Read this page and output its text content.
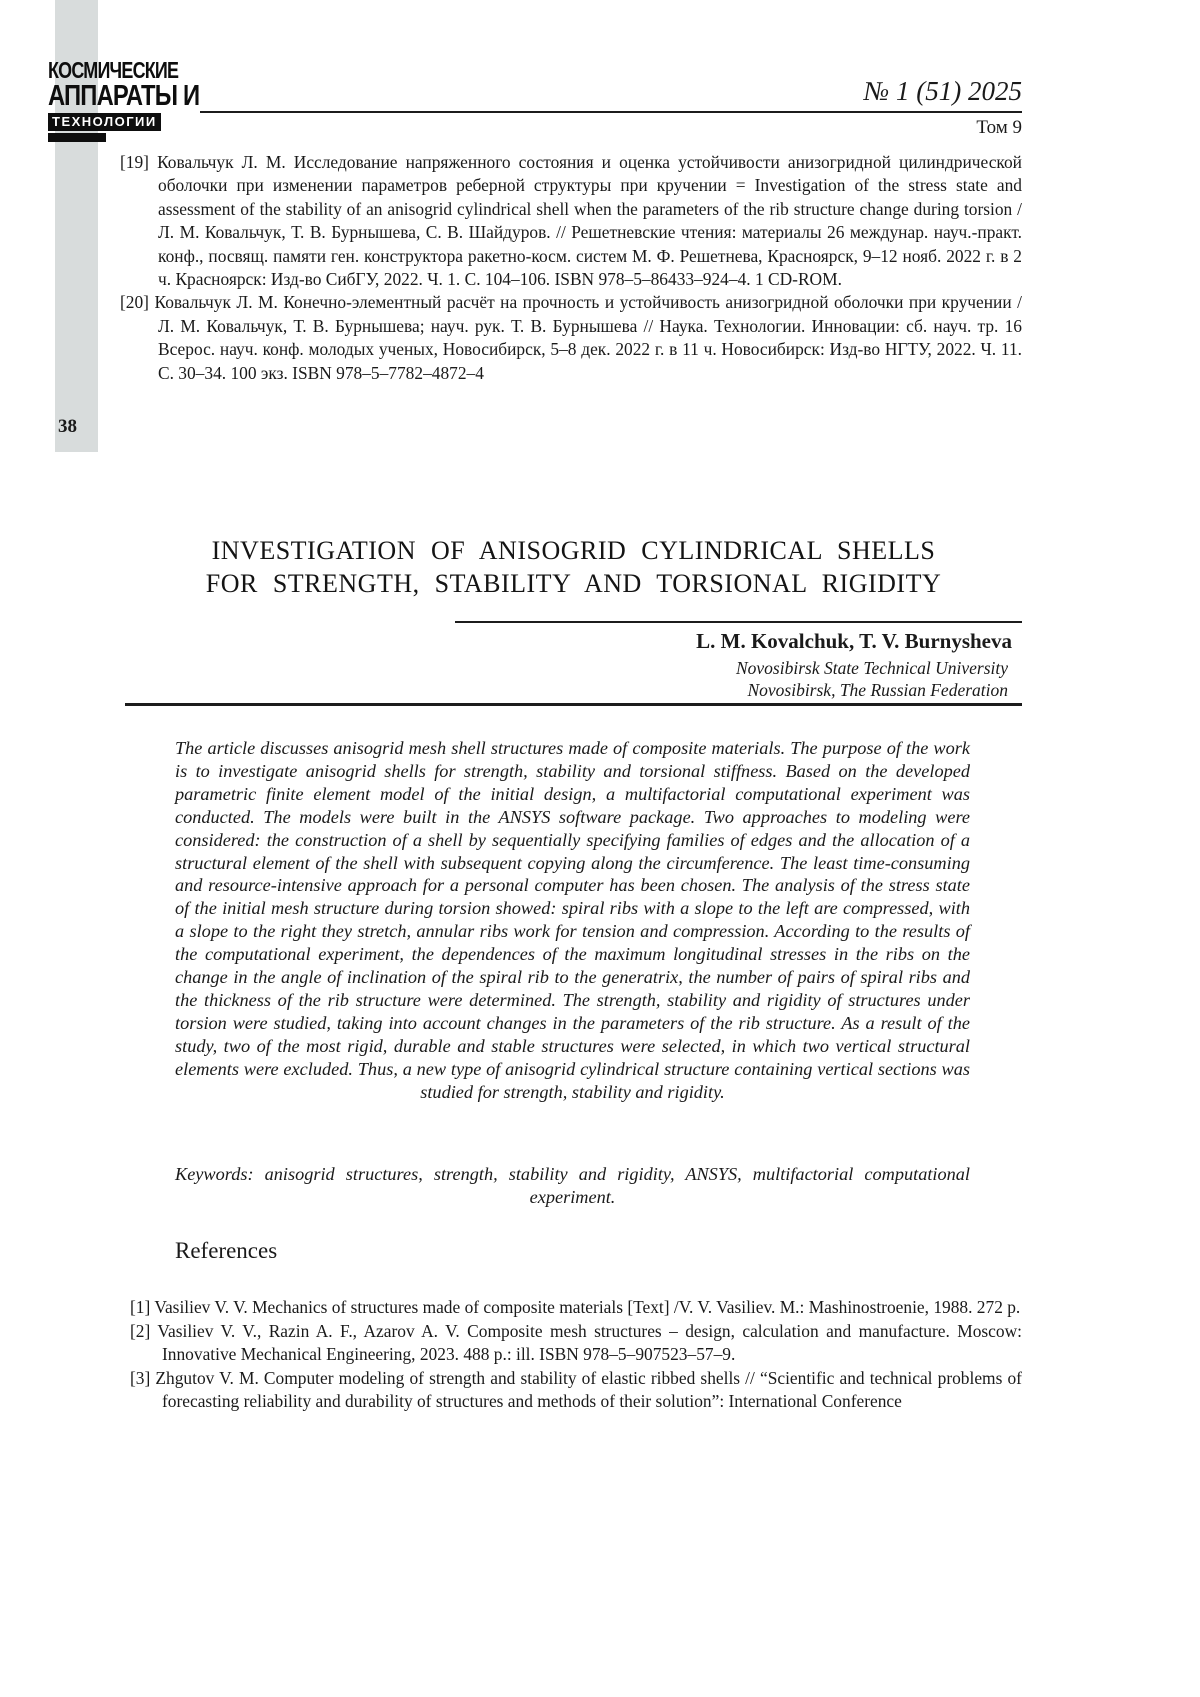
КОСМИЧЕСКИЕ
АППАРАТЫ И
ТЕХНОЛОГИИ
№ 1 (51) 2025
Том 9

[19] Ковальчук Л. М. Исследование напряженного состояния и оценка устойчивости анизогридной цилиндрической оболочки при изменении параметров реберной структуры при кручении = Investigation of the stress state and assessment of the stability of an anisogrid cylindrical shell when the parameters of the rib structure change during torsion / Л. М. Ковальчук, Т. В. Бурнышева, С. В. Шайдуров. // Решетневские чтения: материалы 26 междунар. науч.-практ. конф., посвящ. памяти ген. конструктора ракетно-косм. систем М. Ф. Решетнева, Красноярск, 9–12 нояб. 2022 г. в 2 ч. Красноярск: Изд-во СибГУ, 2022. Ч. 1. С. 104–106. ISBN 978–5–86433–924–4. 1 CD-ROM.

[20] Ковальчук Л. М. Конечно-элементный расчёт на прочность и устойчивость анизогридной оболочки при кручении / Л. М. Ковальчук, Т. В. Бурнышева; науч. рук. Т. В. Бурнышева // Наука. Технологии. Инновации: сб. науч. тр. 16 Всерос. науч. конф. молодых ученых, Новосибирск, 5–8 дек. 2022 г. в 11 ч. Новосибирск: Изд-во НГТУ, 2022. Ч. 11. С. 30–34. 100 экз. ISBN 978–5–7782–4872–4

38
INVESTIGATION OF ANISOGRID CYLINDRICAL SHELLS
FOR STRENGTH, STABILITY AND TORSIONAL RIGIDITY
L. M. Kovalchuk, T. V. Burnysheva
Novosibirsk State Technical University
Novosibirsk, The Russian Federation
The article discusses anisogrid mesh shell structures made of composite materials. The purpose of the work is to investigate anisogrid shells for strength, stability and torsional stiffness. Based on the developed parametric finite element model of the initial design, a multifactorial computational experiment was conducted. The models were built in the ANSYS software package. Two approaches to modeling were considered: the construction of a shell by sequentially specifying families of edges and the allocation of a structural element of the shell with subsequent copying along the circumference. The least time-consuming and resource-intensive approach for a personal computer has been chosen. The analysis of the stress state of the initial mesh structure during torsion showed: spiral ribs with a slope to the left are compressed, with a slope to the right they stretch, annular ribs work for tension and compression. According to the results of the computational experiment, the dependences of the maximum longitudinal stresses in the ribs on the change in the angle of inclination of the spiral rib to the generatrix, the number of pairs of spiral ribs and the thickness of the rib structure were determined. The strength, stability and rigidity of structures under torsion were studied, taking into account changes in the parameters of the rib structure. As a result of the study, two of the most rigid, durable and stable structures were selected, in which two vertical structural elements were excluded. Thus, a new type of anisogrid cylindrical structure containing vertical sections was studied for strength, stability and rigidity.
Keywords: anisogrid structures, strength, stability and rigidity, ANSYS, multifactorial computational experiment.
References

[1] Vasiliev V. V. Mechanics of structures made of composite materials [Text] /V. V. Vasiliev. M.: Mashinostroenie, 1988. 272 p.

[2] Vasiliev V. V., Razin A. F., Azarov A. V. Composite mesh structures – design, calculation and manufacture. Moscow: Innovative Mechanical Engineering, 2023. 488 p.: ill. ISBN 978–5–907523–57–9.

[3] Zhgutov V. M. Computer modeling of strength and stability of elastic ribbed shells // “Scientific and technical problems of forecasting reliability and durability of structures and methods of their solution”: International Conference
